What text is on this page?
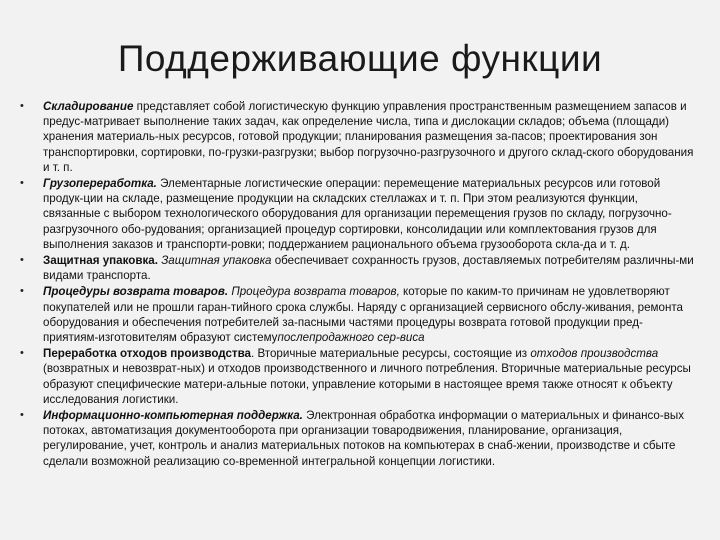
Поддерживающие функции
• Складирование представляет собой логистическую функцию управления пространственным размещением запасов и предус-матривает выполнение таких задач, как определение числа, типа и дислокации складов; объема (площади) хранения материаль-ных ресурсов, готовой продукции; планирования размещения за-пасов; проектирования зон транспортировки, сортировки, по-грузки-разгрузки; выбор погрузочно-разгрузочного и другого склад-ского оборудования и т. п.
• Грузопереработка. Элементарные логистические операции: перемещение материальных ресурсов или готовой продук-ции на складе, размещение продукции на складских стеллажах и т. п. При этом реализуются функции, связанные с выбором технологического оборудования для организации перемещения грузов по складу, погрузочно-разгрузочного обо-рудования; организацией процедур сортировки, консолидации или комплектования грузов для выполнения заказов и транспорти-ровки; поддержанием рационального объема грузооборота скла-да и т. д.
• Защитная упаковка. Защитная упаковка обеспечивает сохранность грузов, доставляемых потребителям различны-ми видами транспорта.
• Процедуры возврата товаров. Процедура возврата товаров, которые по каким-то причинам не удовлетворяют покупателей или не прошли гаран-тийного срока службы. Наряду с организацией сервисного обслу-живания, ремонта оборудования и обеспечения потребителей за-пасными частями процедуры возврата готовой продукции пред-приятиям-изготовителям образуют системупослепродажного сер-виса
• Переработка отходов производства. Вторичные материальные ресурсы, состоящие из отходов производства (возвратных и невозврат-ных) и отходов производственного и личного потребления. Вторичные материальные ресурсы образуют специфические матери-альные потоки, управление которыми в настоящее время также относят к объекту исследования логистики.
• Информационно-компьютерная поддержка. Электронная обработка информации о материальных и финансо-вых потоках, автоматизация документооборота при организации товародвижения, планирование, организация, регулирование, учет, контроль и анализ материальных потоков на компьютерах в снаб-жении, производстве и сбыте сделали возможной реализацию со-временной интегральной концепции логистики.
